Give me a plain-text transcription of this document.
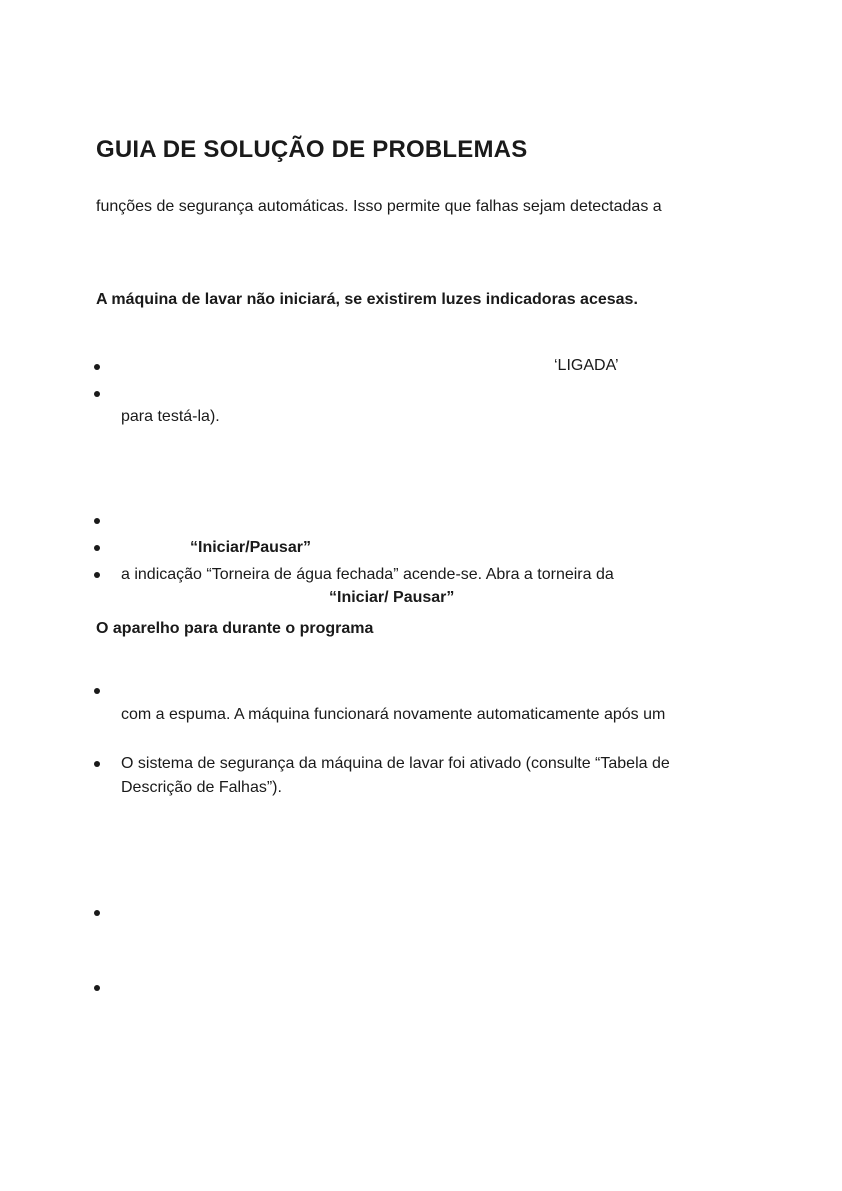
GUIA DE SOLUÇÃO DE PROBLEMAS
funções de segurança automáticas. Isso permite que falhas sejam detectadas a
A máquina de lavar não iniciará, se existirem luzes indicadoras acesas.
‘LIGADA’
para testá-la).
“Iniciar/Pausar”
a indicação “Torneira de água fechada” acende-se. Abra a torneira da
“Iniciar/ Pausar”
O aparelho para durante o programa
com a espuma. A máquina funcionará novamente automaticamente após um
O sistema de segurança da máquina de lavar foi ativado (consulte “Tabela de
Descrição de Falhas”).
